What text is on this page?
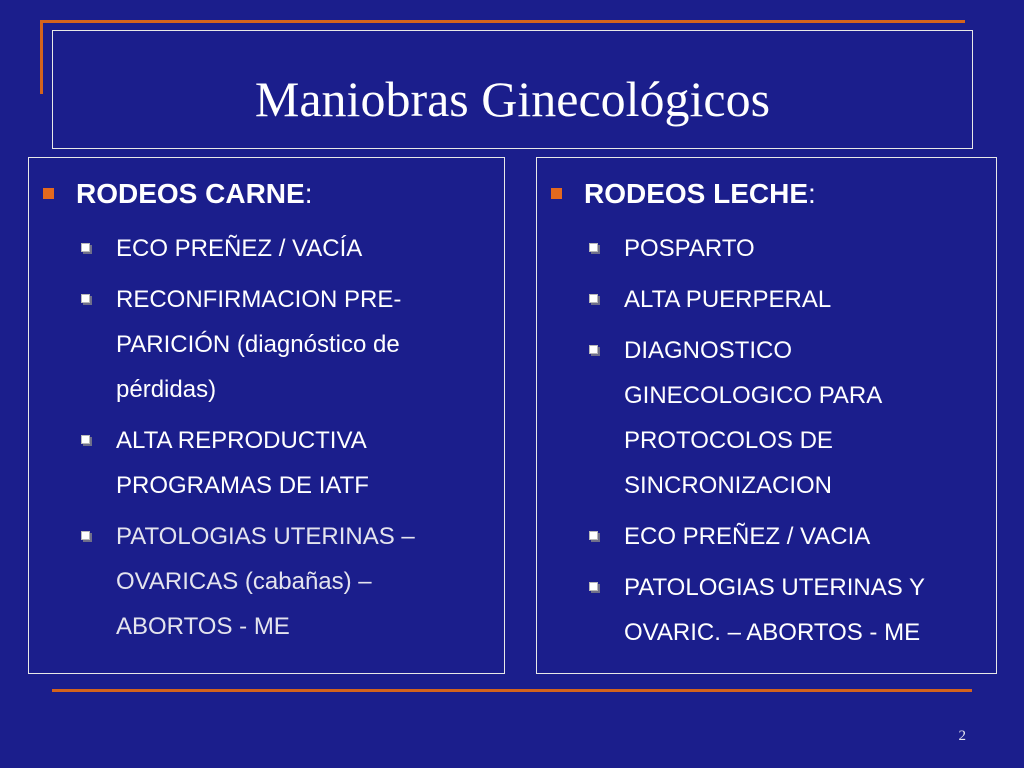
Maniobras Ginecológicos
RODEOS CARNE:
ECO PREÑEZ / VACÍA
RECONFIRMACION PRE-PARICIÓN (diagnóstico de pérdidas)
ALTA REPRODUCTIVA PROGRAMAS DE IATF
PATOLOGIAS UTERINAS – OVARICAS (cabañas) – ABORTOS - ME
RODEOS LECHE:
POSPARTO
ALTA PUERPERAL
DIAGNOSTICO GINECOLOGICO PARA PROTOCOLOS DE SINCRONIZACION
ECO PREÑEZ / VACIA
PATOLOGIAS UTERINAS Y OVARIC. – ABORTOS - ME
2
